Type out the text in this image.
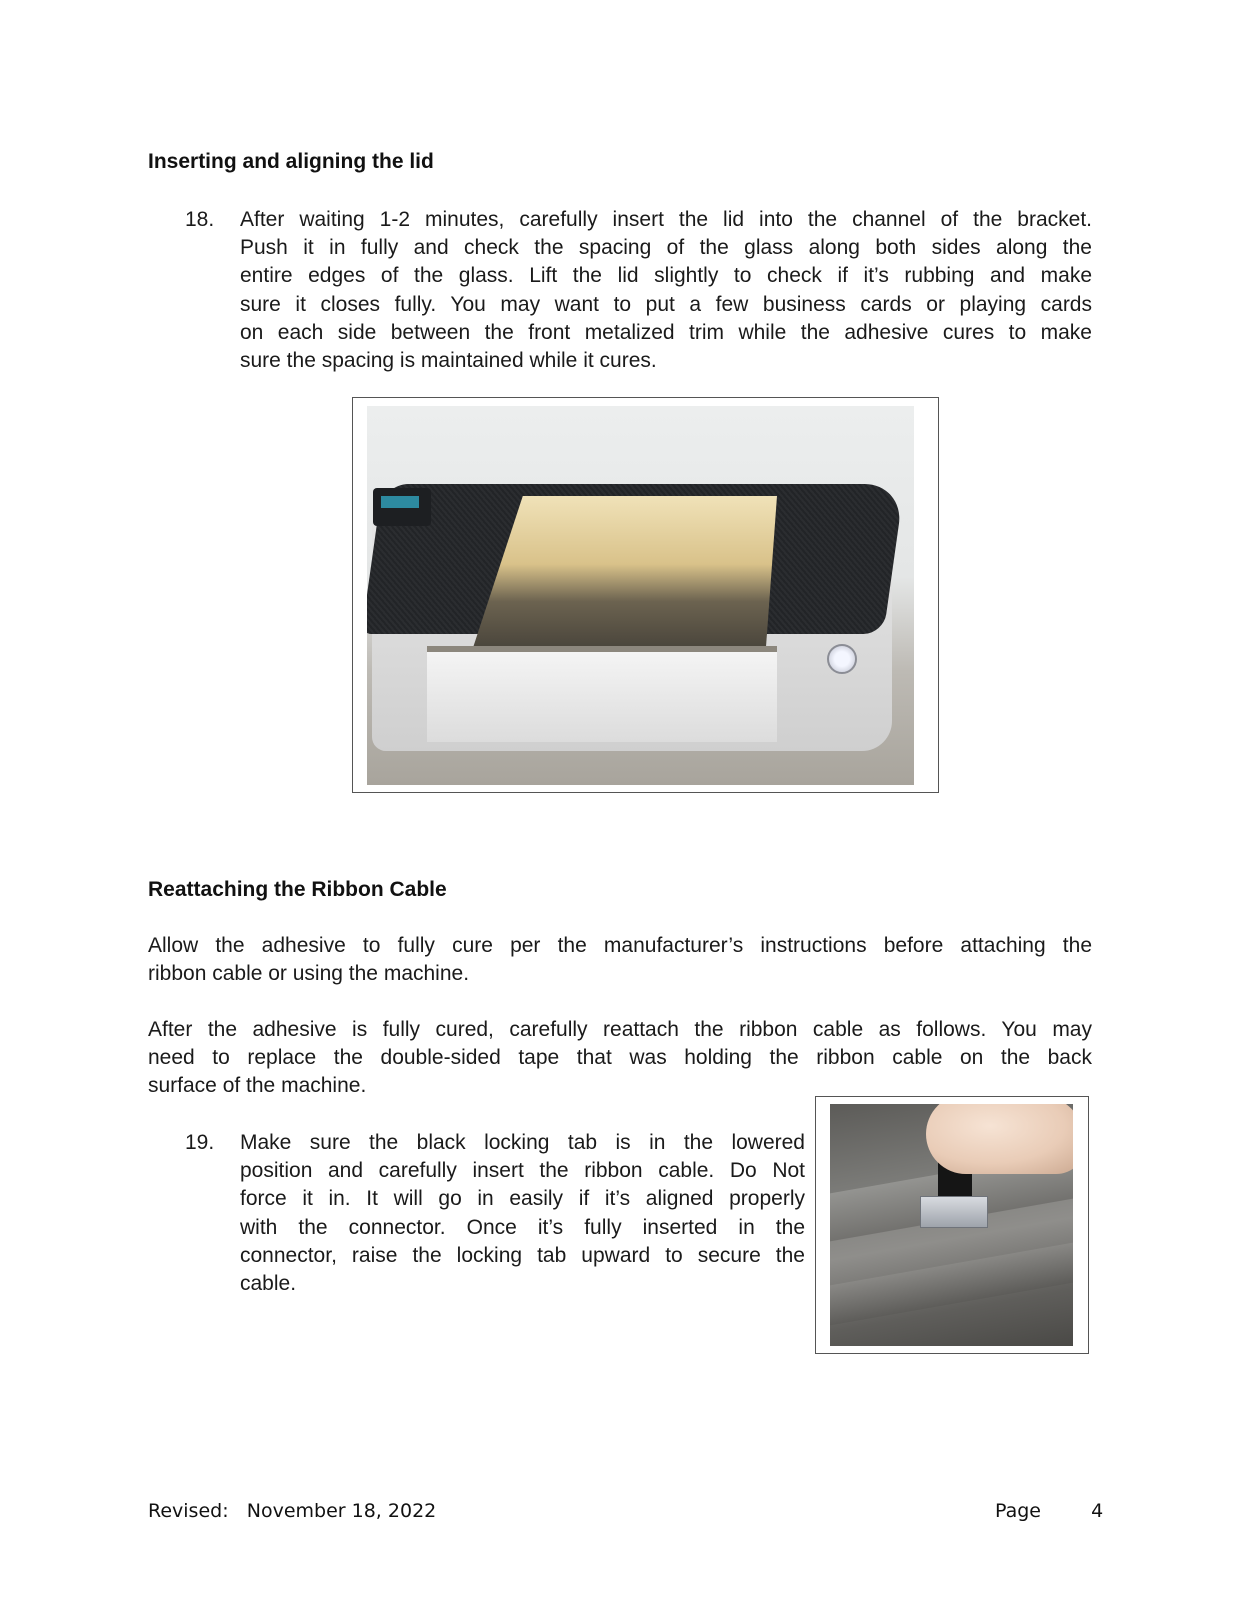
Inserting and aligning the lid
18. After waiting 1-2 minutes, carefully insert the lid into the channel of the bracket.
Push it in fully and check the spacing of the glass along both sides along the
entire edges of the glass. Lift the lid slightly to check if it’s rubbing and make
sure it closes fully. You may want to put a few business cards or playing cards
on each side between the front metalized trim while the adhesive cures to make
sure the spacing is maintained while it cures.
Reattaching the Ribbon Cable
Allow the adhesive to fully cure per the manufacturer’s instructions before attaching the
ribbon cable or using the machine.
After the adhesive is fully cured, carefully reattach the ribbon cable as follows. You may
need to replace the double-sided tape that was holding the ribbon cable on the back
surface of the machine.
19. Make sure the black locking tab is in the lowered
position and carefully insert the ribbon cable. Do Not
force it in. It will go in easily if it’s aligned properly
with the connector. Once it’s fully inserted in the
connector, raise the locking tab upward to secure the
cable.
Revised: November 18, 2022	Page	4
